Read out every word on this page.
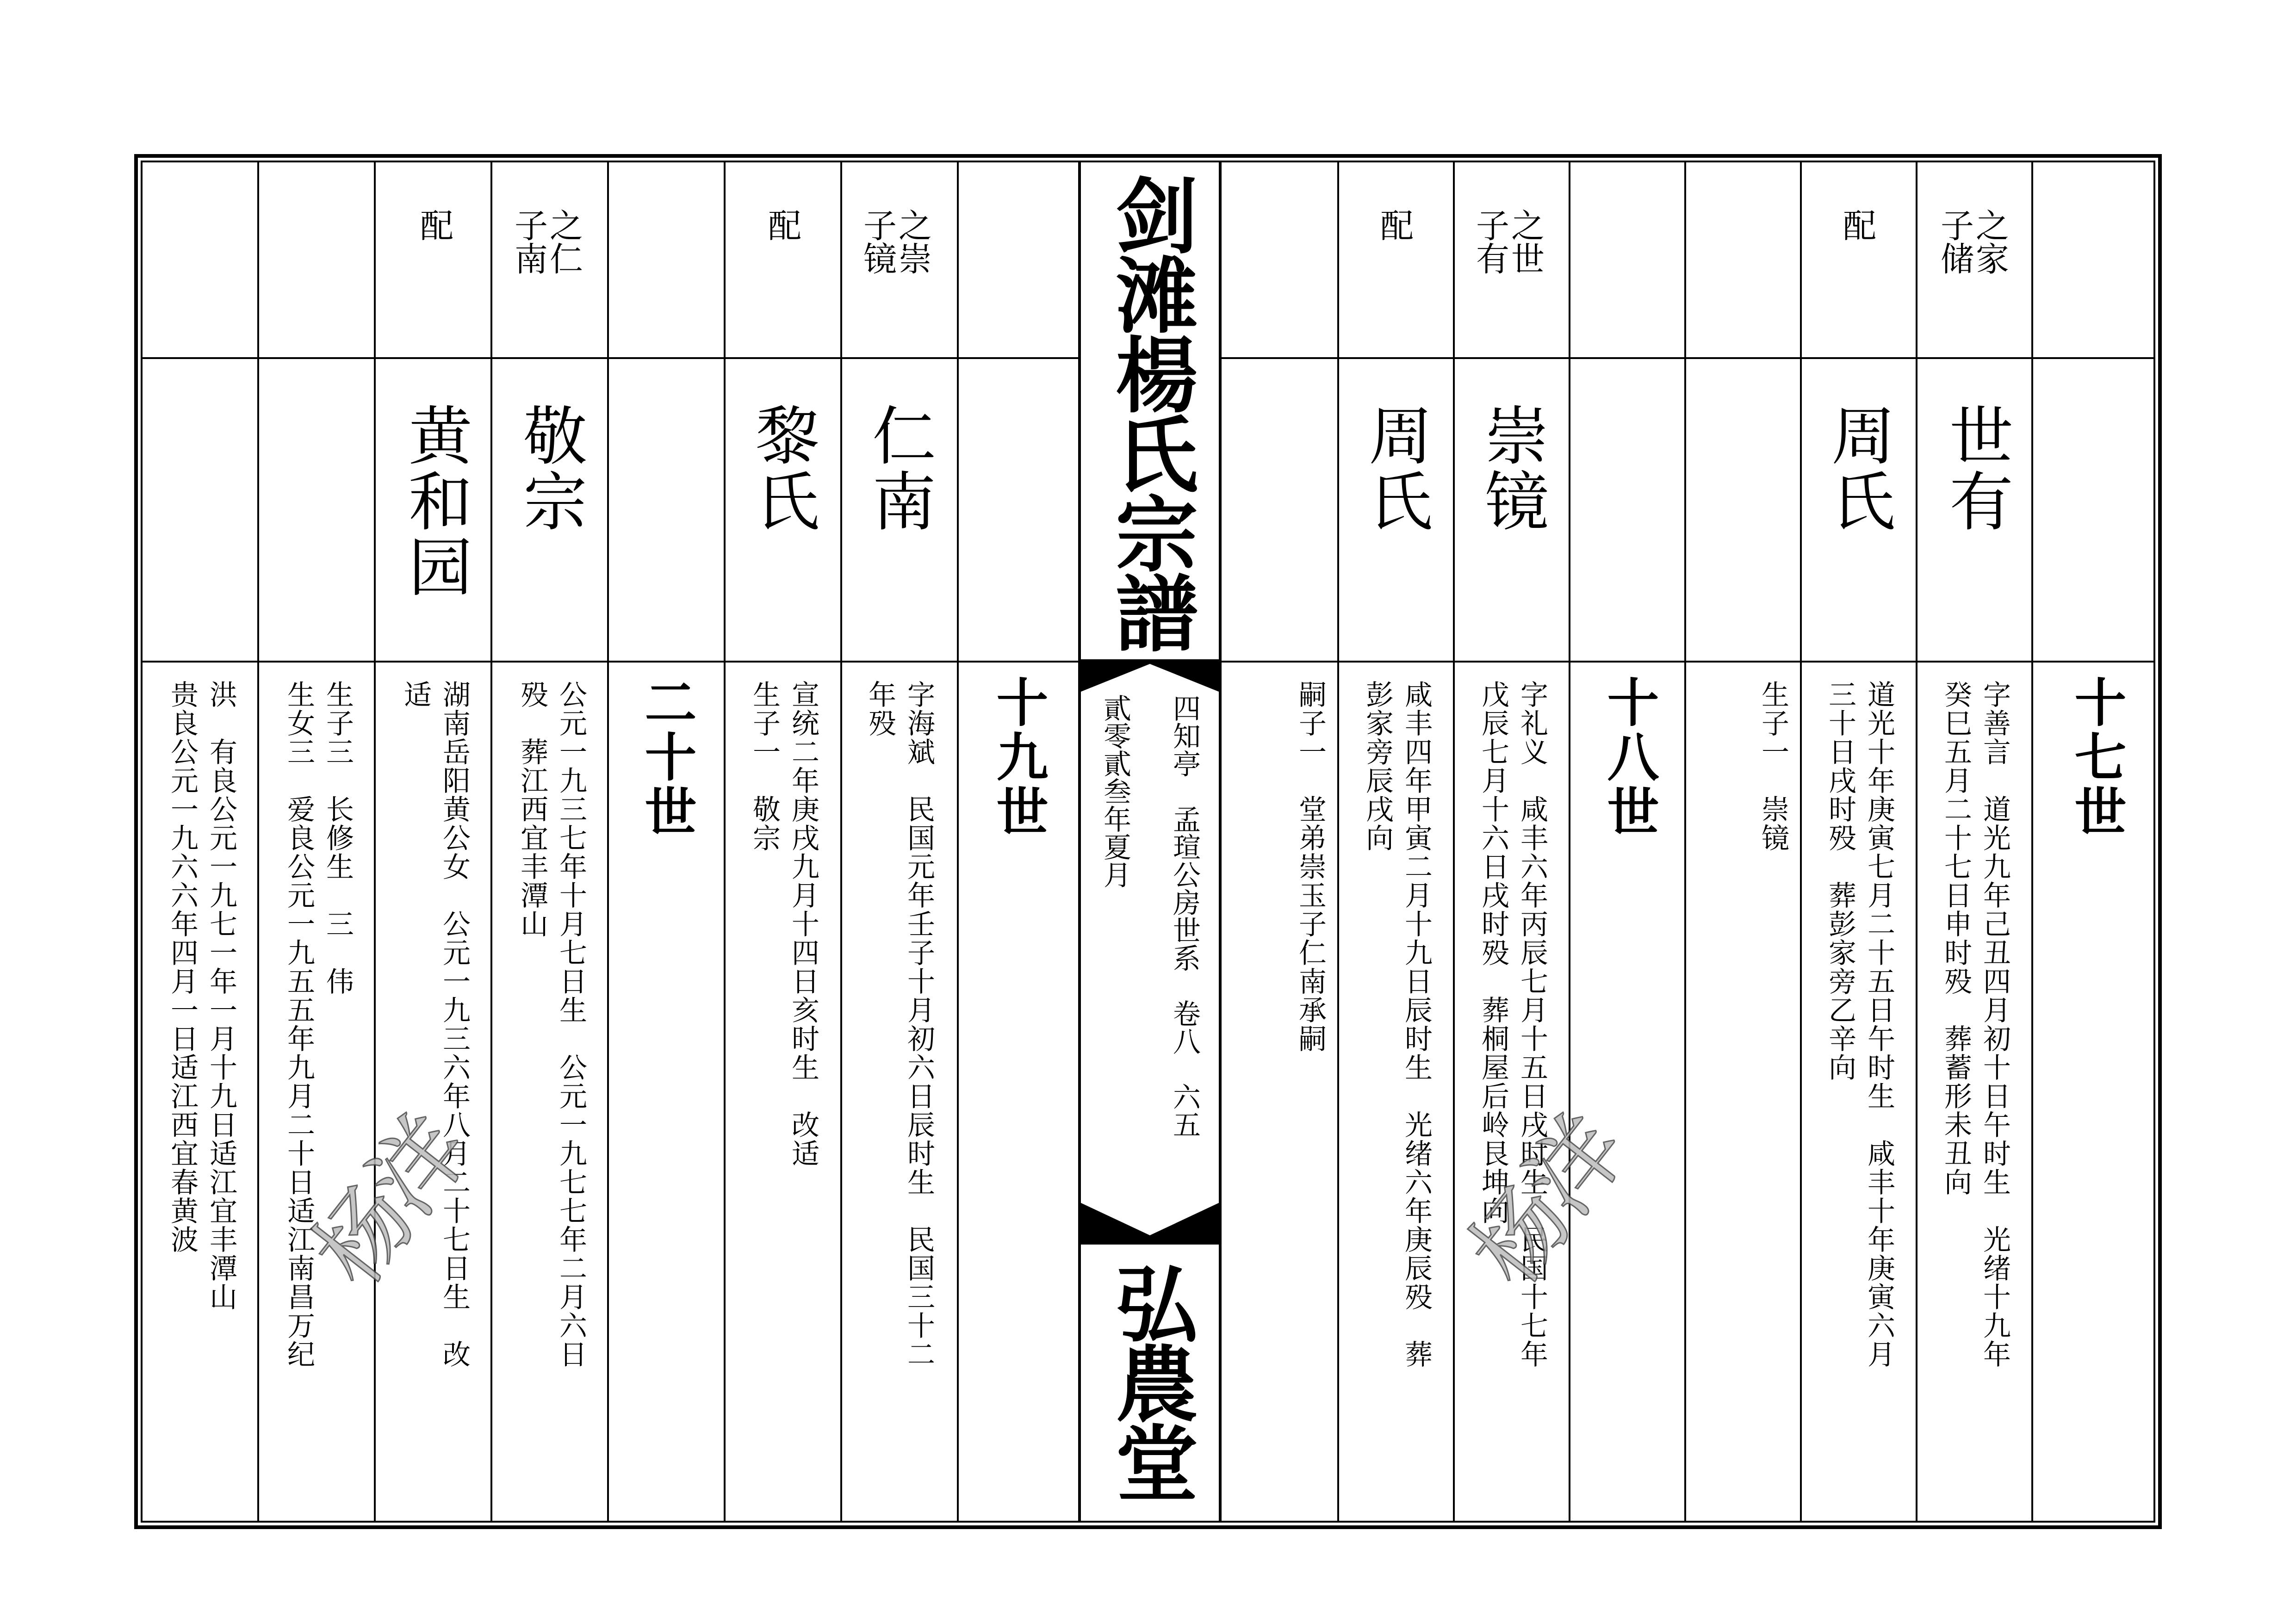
剑滩楊氏宗譜
四知亭　孟瑄公房世系　卷八　六五
貳零貳叁年夏月
弘農堂
十七世
十八世
十九世
二十世
之家
子储
世有
字善言　道光九年己丑四月初十日午时生　光绪十九年
癸巳五月二十七日申时殁　葬蓄形未丑向
配
周氏
道光十年庚寅七月二十五日午时生　咸丰十年庚寅六月
三十日戌时殁　葬彭家旁乙辛向
生子一　崇镜
之世
子有
崇镜
字礼义　咸丰六年丙辰七月十五日戌时生　民国十七年
戊辰七月十六日戌时殁　葬桐屋后岭艮坤向
配
周氏
咸丰四年甲寅二月十九日辰时生　光绪六年庚辰殁　葬
彭家旁辰戌向
嗣子一　堂弟崇玉子仁南承嗣
之崇
子镜
仁南
字海斌　民国元年壬子十月初六日辰时生　民国三十二
年殁
配
黎氏
宣统二年庚戌九月十四日亥时生　改适
生子一　敬宗
之仁
子南
敬宗
公元一九三七年十月七日生　公元一九七七年二月六日
殁　葬江西宜丰潭山
配
黄和园
湖南岳阳黄公女　公元一九三六年八月二十七日生　改
适
生子三　长修生　三　伟
生女三　爱良公元一九五五年九月二十日适江南昌万纪
洪　有良公元一九七一年一月十九日适江宜丰潭山
贵良公元一九六六年四月一日适江西宜春黄波	杨洋	杨洋
